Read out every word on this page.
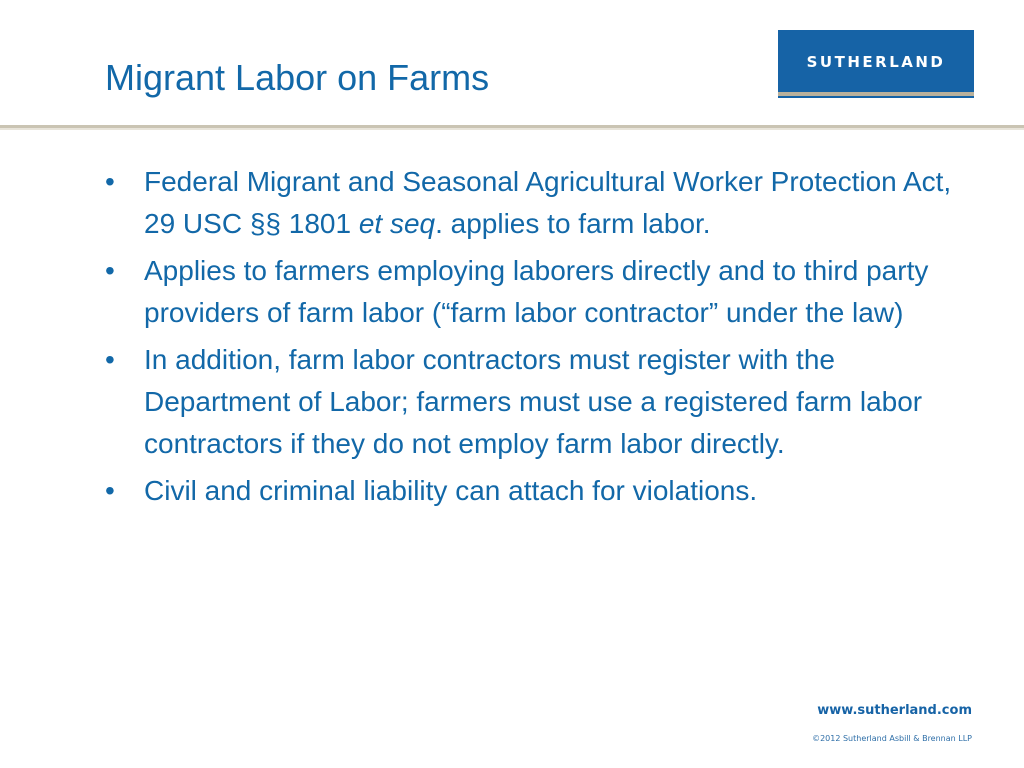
Migrant Labor on Farms	SUTHERLAND
• Federal Migrant and Seasonal Agricultural Worker Protection Act, 29 USC §§ 1801 et seq. applies to farm labor.
• Applies to farmers employing laborers directly and to third party providers of farm labor (“farm labor contractor” under the law)
• In addition, farm labor contractors must register with the Department of Labor; farmers must use a registered farm labor contractors if they do not employ farm labor directly.
• Civil and criminal liability can attach for violations.
www.sutherland.com
©2012 Sutherland Asbill & Brennan LLP
